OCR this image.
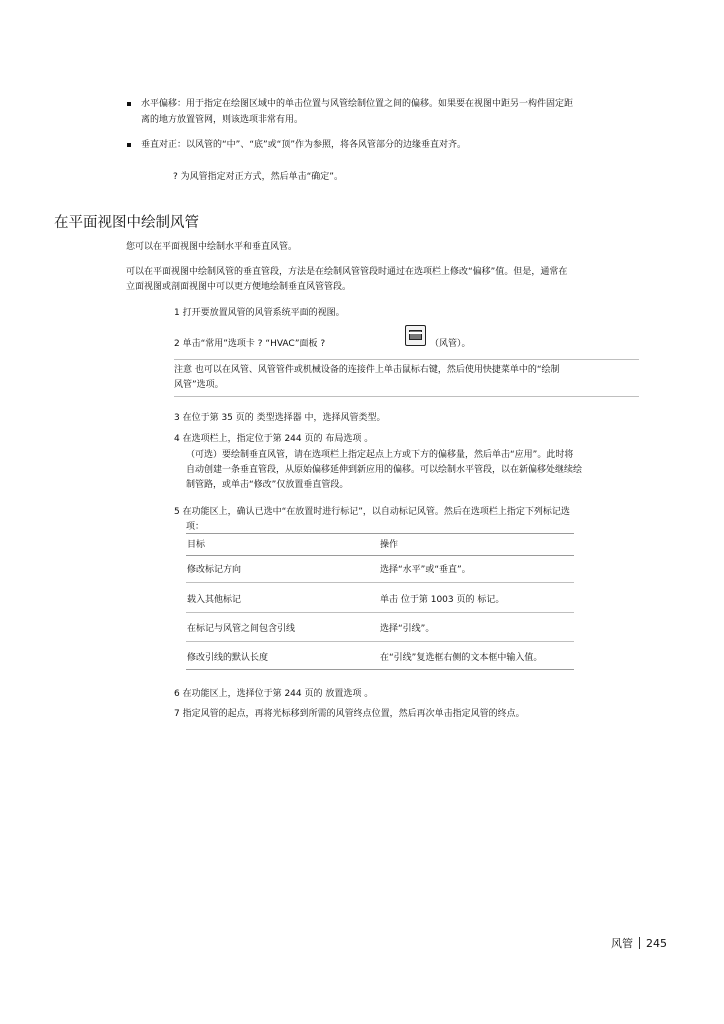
水平偏移：用于指定在绘图区域中的单击位置与风管绘制位置之间的偏移。如果要在视图中距另一构件固定距
离的地方放置管网，则该选项非常有用。
垂直对正：以风管的“中”、“底”或“顶”作为参照，将各风管部分的边缘垂直对齐。
? 为风管指定对正方式，然后单击“确定”。
在平面视图中绘制风管
您可以在平面视图中绘制水平和垂直风管。
可以在平面视图中绘制风管的垂直管段，方法是在绘制风管管段时通过在选项栏上修改“偏移”值。但是，通常在
立面视图或剖面视图中可以更方便地绘制垂直风管管段。
1 打开要放置风管的风管系统平面的视图。
2 单击“常用”选项卡 ? “HVAC”面板 ?	（风管）。
注意 也可以在风管、风管管件或机械设备的连接件上单击鼠标右键，然后使用快捷菜单中的“绘制
风管”选项。
3 在位于第 35 页的 类型选择器 中，选择风管类型。
4 在选项栏上，指定位于第 244 页的 布局选项 。
（可选）要绘制垂直风管，请在选项栏上指定起点上方或下方的偏移量，然后单击“应用”。此时将
自动创建一条垂直管段，从原始偏移延伸到新应用的偏移。可以绘制水平管段，以在新偏移处继续绘
制管路，或单击“修改”仅放置垂直管段。
5 在功能区上，确认已选中“在放置时进行标记”，以自动标记风管。然后在选项栏上指定下列标记选
项：
目标	操作
修改标记方向	选择“水平”或“垂直”。
载入其他标记	单击 位于第 1003 页的 标记。
在标记与风管之间包含引线	选择“引线”。
修改引线的默认长度	在“引线”复选框右侧的文本框中输入值。
6 在功能区上，选择位于第 244 页的 放置选项 。
7 指定风管的起点，再将光标移到所需的风管终点位置，然后再次单击指定风管的终点。
风管 245
